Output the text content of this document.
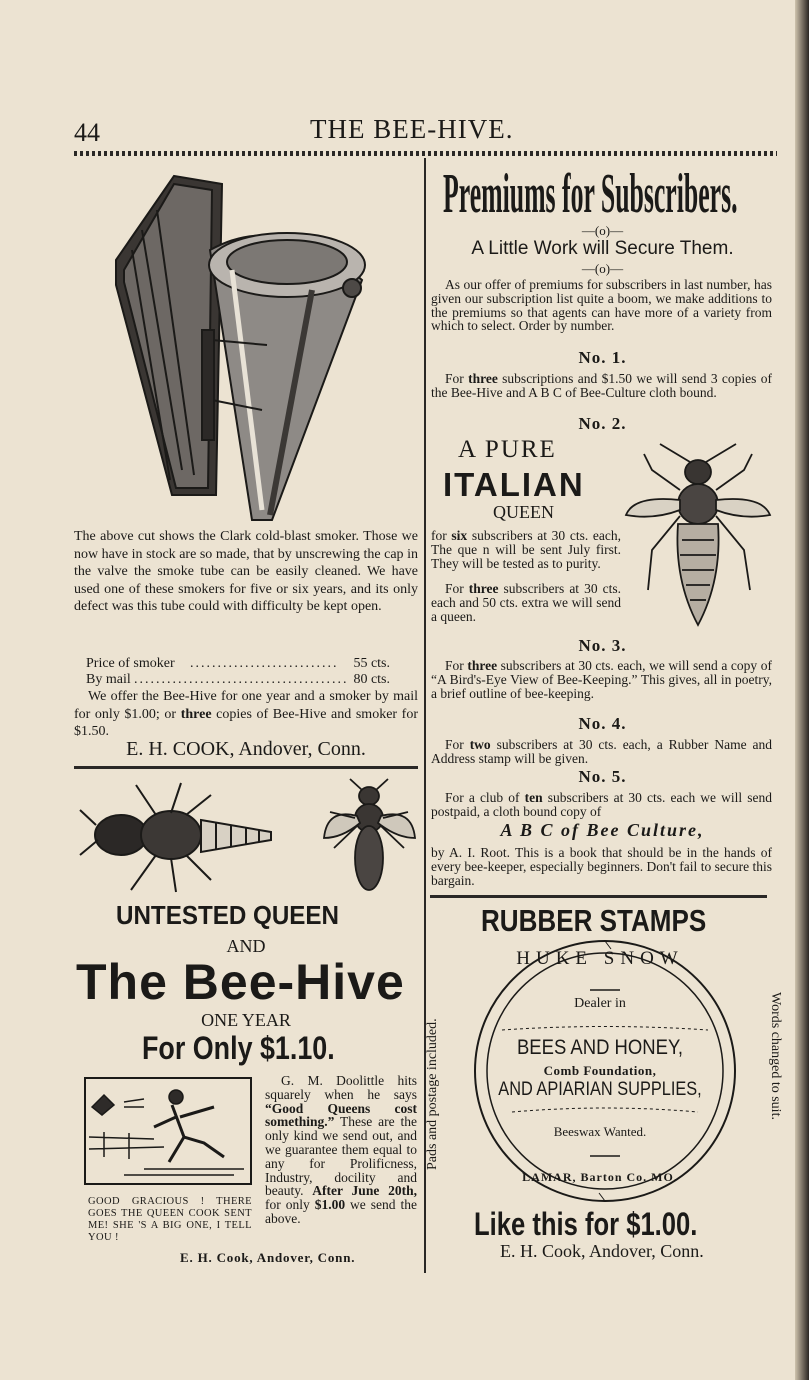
44	THE BEE-HIVE.
The above cut shows the Clark cold-blast smoker. Those we now have in stock are so made, that by unscrewing the cap in the valve the smoke tube can be easily cleaned. We have used one of these smokers for five or six years, and its only defect was this tube could with difficulty be kept open.
Price of smoker ........................... 55 cts.
By mail ....................................... 80 cts.
We offer the Bee-Hive for one year and a smoker by mail for only $1.00; or three copies of Bee-Hive and smoker for $1.50.
E. H. COOK, Andover, Conn.
UNTESTED QUEEN
AND
The Bee-Hive
ONE YEAR
For Only $1.10.
GOOD GRACIOUS ! THERE GOES THE QUEEN COOK SENT ME! SHE 'S A BIG ONE, I TELL YOU !
G. M. Doolittle hits squarely when he says “Good Queens cost something.” These are the only kind we send out, and we guarantee them equal to any for Prolificness, Industry, docility and beauty. After June 20th, for only $1.00 we send the above.
E. H. Cook, Andover, Conn.
Premiums for Subscribers.
—(o)—
A Little Work will Secure Them.
—(o)—
As our offer of premiums for subscribers in last number, has given our subscription list quite a boom, we make additions to the premiums so that agents can have more of a variety from which to select. Order by number.
No. 1.
For three subscriptions and $1.50 we will send 3 copies of the Bee-Hive and A B C of Bee-Culture cloth bound.
No. 2.
A PURE
ITALIAN
QUEEN
for six subscribers at 30 cts. each, The que n will be sent July first. They will be tested as to purity.
For three subscribers at 30 cts. each and 50 cts. extra we will send a queen.
No. 3.
For three subscribers at 30 cts. each, we will send a copy of “A Bird's-Eye View of Bee-Keeping.” This gives, all in poetry, a brief outline of bee-keeping.
No. 4.
For two subscribers at 30 cts. each, a Rubber Name and Address stamp will be given.
No. 5.
For a club of ten subscribers at 30 cts. each we will send postpaid, a cloth bound copy of
A B C of Bee Culture,
by A. I. Root. This is a book that should be in the hands of every bee-keeper, especially beginners. Don't fail to secure this bargain.
RUBBER STAMPS
Pads and postage included.	Words changed to suit.
HUKE SNOW
Dealer in
BEES AND HONEY,
Comb Foundation,
AND APIARIAN SUPPLIES,
Beeswax Wanted.
LAMAR, Barton Co. MO.
Like this for $1.00.
E. H. Cook, Andover, Conn.
